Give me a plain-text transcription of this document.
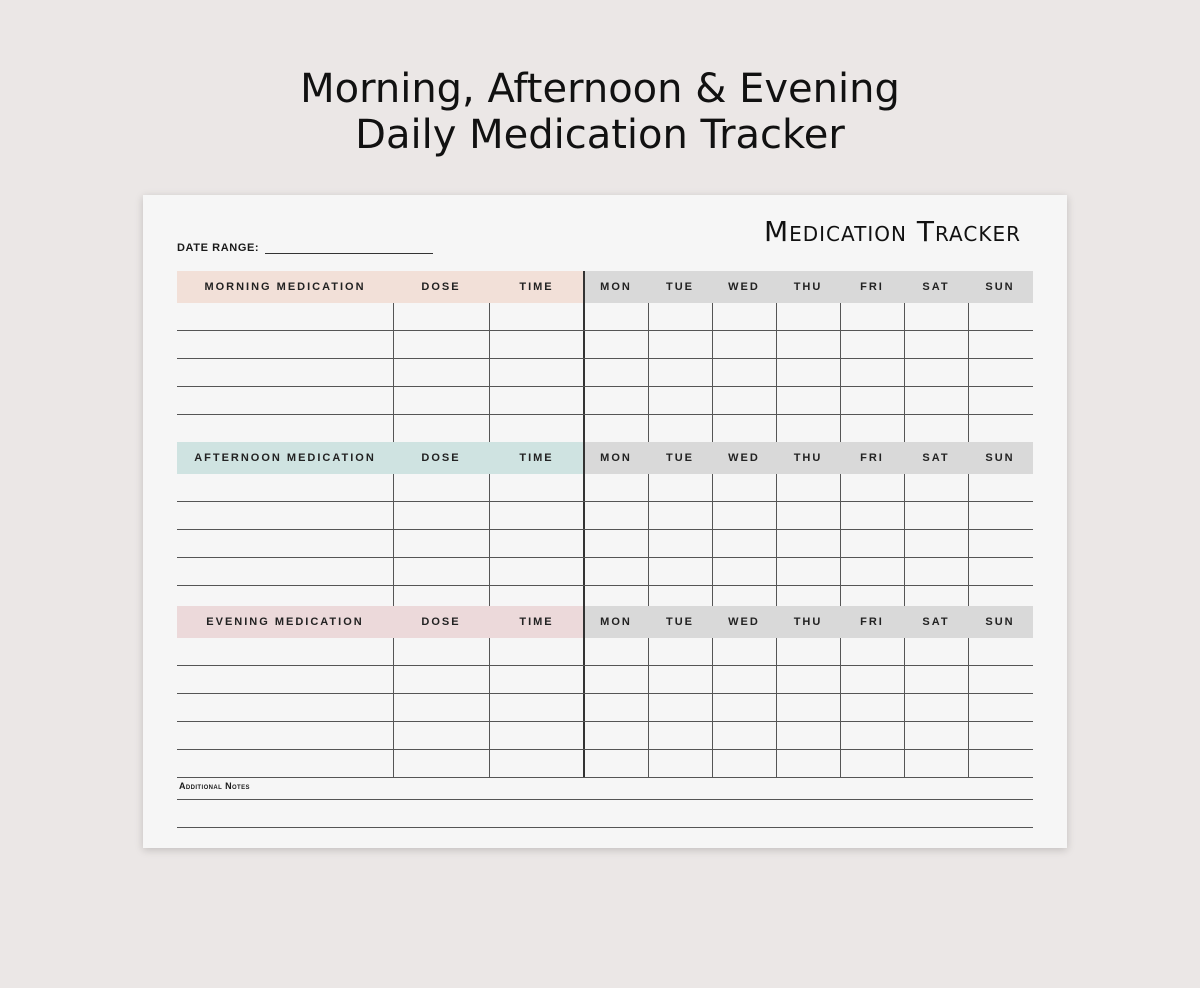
Morning, Afternoon & Evening
Daily Medication Tracker
Medication Tracker
DATE RANGE:
MORNING MEDICATION	DOSE	TIME	MON	TUE	WED	THU	FRI	SAT	SUN
AFTERNOON MEDICATION	DOSE	TIME	MON	TUE	WED	THU	FRI	SAT	SUN
EVENING MEDICATION	DOSE	TIME	MON	TUE	WED	THU	FRI	SAT	SUN
Additional Notes
